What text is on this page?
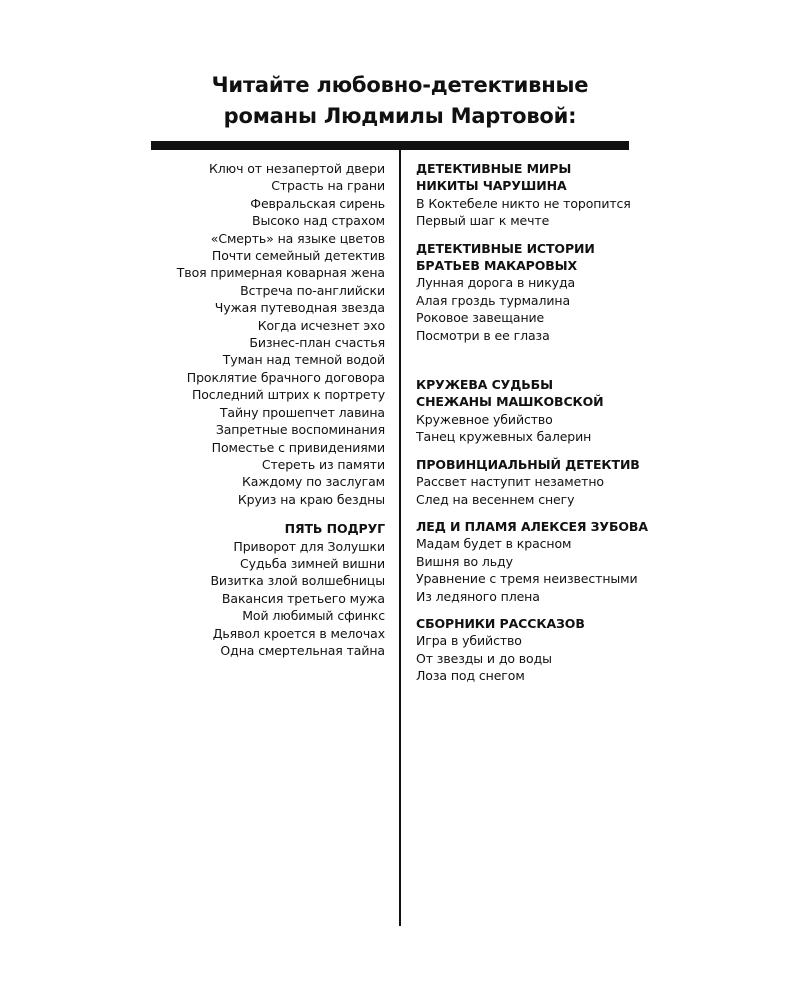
Читайте любовно-детективные
романы Людмилы Мартовой:
Ключ от незапертой двери
Страсть на грани
Февральская сирень
Высоко над страхом
«Смерть» на языке цветов
Почти семейный детектив
Твоя примерная коварная жена
Встреча по-английски
Чужая путеводная звезда
Когда исчезнет эхо
Бизнес-план счастья
Туман над темной водой
Проклятие брачного договора
Последний штрих к портрету
Тайну прошепчет лавина
Запретные воспоминания
Поместье с привидениями
Стереть из памяти
Каждому по заслугам
Круиз на краю бездны
ПЯТЬ ПОДРУГ
Приворот для Золушки
Судьба зимней вишни
Визитка злой волшебницы
Вакансия третьего мужа
Мой любимый сфинкс
Дьявол кроется в мелочах
Одна смертельная тайна
ДЕТЕКТИВНЫЕ МИРЫ
НИКИТЫ ЧАРУШИНА
В Коктебеле никто не торопится
Первый шаг к мечте
ДЕТЕКТИВНЫЕ ИСТОРИИ
БРАТЬЕВ МАКАРОВЫХ
Лунная дорога в никуда
Алая гроздь турмалина
Роковое завещание
Посмотри в ее глаза
КРУЖЕВА СУДЬБЫ
СНЕЖАНЫ МАШКОВСКОЙ
Кружевное убийство
Танец кружевных балерин
ПРОВИНЦИАЛЬНЫЙ ДЕТЕКТИВ
Рассвет наступит незаметно
След на весеннем снегу
ЛЕД И ПЛАМЯ АЛЕКСЕЯ ЗУБОВА
Мадам будет в красном
Вишня во льду
Уравнение с тремя неизвестными
Из ледяного плена
СБОРНИКИ РАССКАЗОВ
Игра в убийство
От звезды и до воды
Лоза под снегом
